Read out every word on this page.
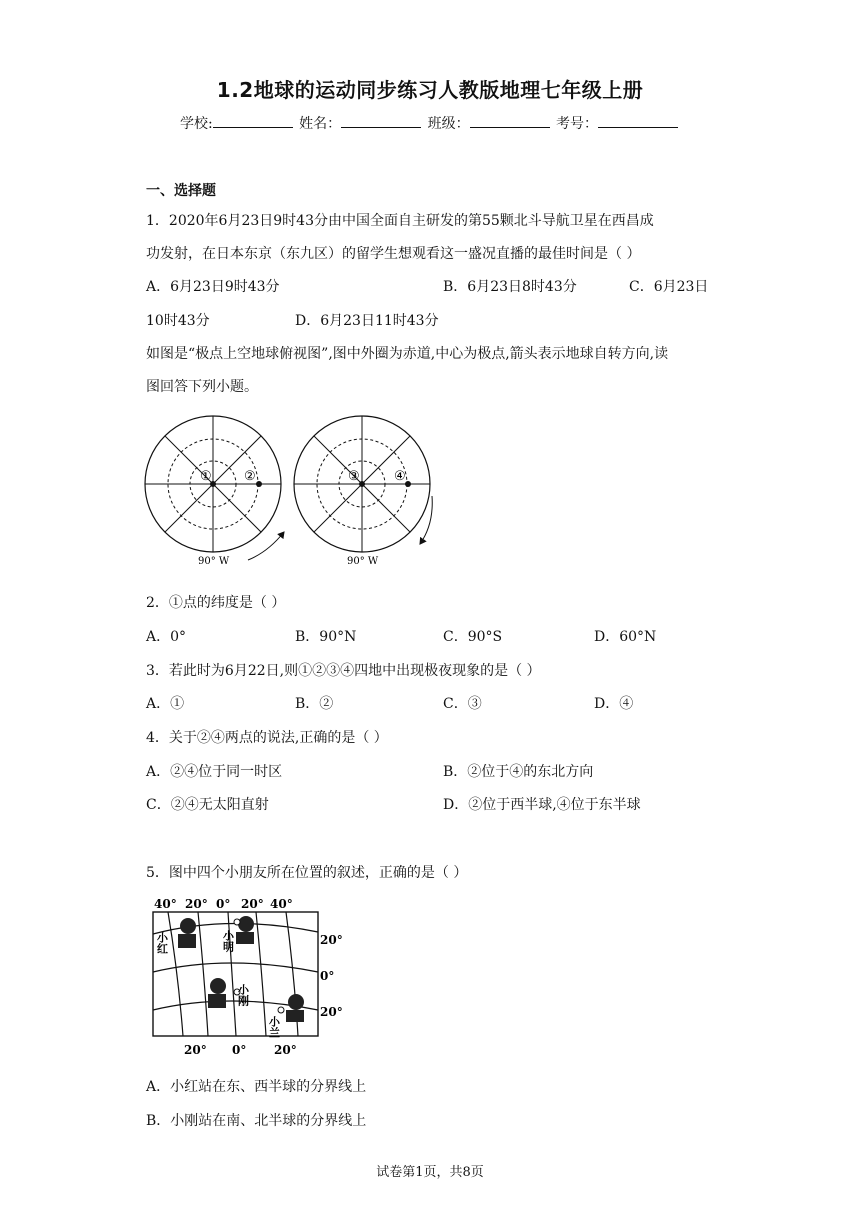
1.2地球的运动同步练习人教版地理七年级上册
学校:	姓名：	班级：	考号：
一、选择题
1．2020年6月23日9时43分由中国全面自主研发的第55颗北斗导航卫星在西昌成
功发射，在日本东京（东九区）的留学生想观看这一盛况直播的最佳时间是（ ）
A．6月23日9时43分	B．6月23日8时43分	C．6月23日
10时43分	D．6月23日11时43分
如图是“极点上空地球俯视图”,图中外圈为赤道,中心为极点,箭头表示地球自转方向,读
图回答下列小题。
① ②
90° W
③	④
90° W
2．①点的纬度是（ ）
A．0°	B．90°N	C．90°S	D．60°N
3．若此时为6月22日,则①②③④四地中出现极夜现象的是（ ）
A．①	B．②	C．③	D．④
4．关于②④两点的说法,正确的是（ ）
A．②④位于同一时区	B．②位于④的东北方向
C．②④无太阳直射	D．②位于西半球,④位于东半球
5．图中四个小朋友所在位置的叙述，正确的是（ ）
40° 20° 0° 20° 40°
小红	小明
小刚
小兰
20°
0°
20°
20° 0° 20°
A．小红站在东、西半球的分界线上
B．小刚站在南、北半球的分界线上
试卷第1页，共8页
